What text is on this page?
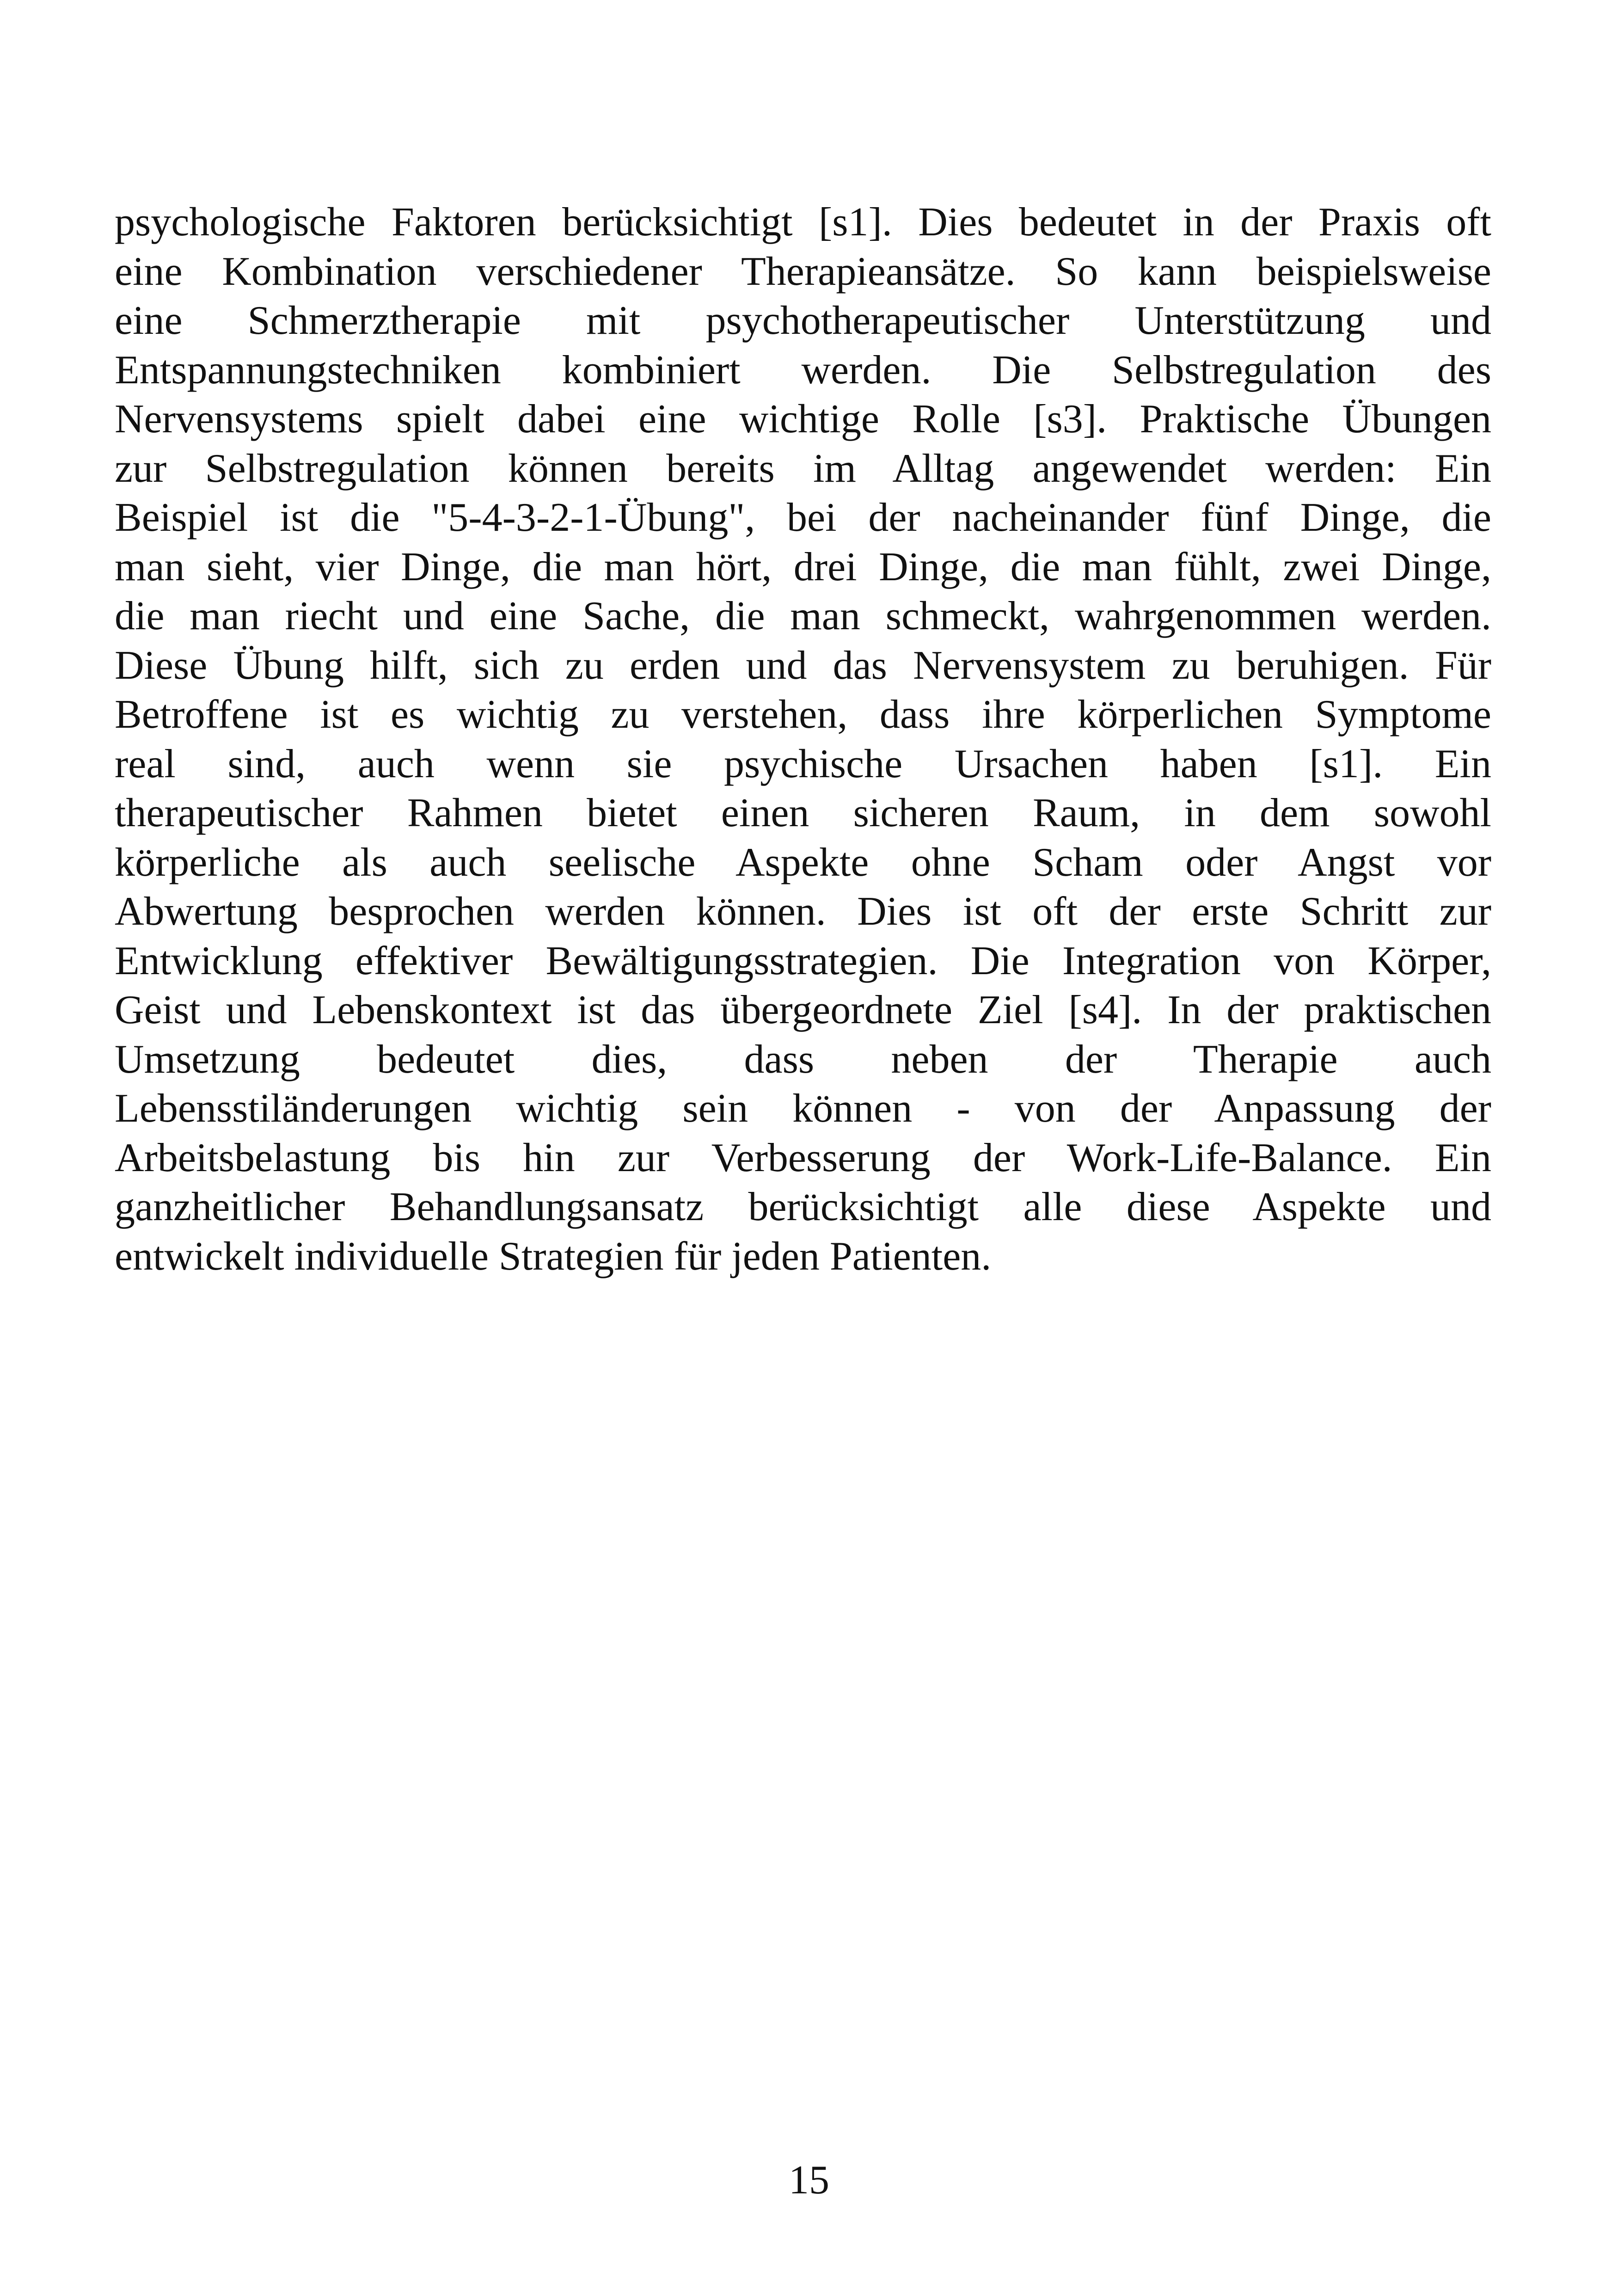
psychologische Faktoren berücksichtigt [s1]. Dies bedeutet in der Praxis oft
eine Kombination verschiedener Therapieansätze. So kann beispielsweise
eine Schmerztherapie mit psychotherapeutischer Unterstützung und
Entspannungstechniken kombiniert werden. Die Selbstregulation des
Nervensystems spielt dabei eine wichtige Rolle [s3]. Praktische Übungen
zur Selbstregulation können bereits im Alltag angewendet werden: Ein
Beispiel ist die "5-4-3-2-1-Übung", bei der nacheinander fünf Dinge, die
man sieht, vier Dinge, die man hört, drei Dinge, die man fühlt, zwei Dinge,
die man riecht und eine Sache, die man schmeckt, wahrgenommen werden.
Diese Übung hilft, sich zu erden und das Nervensystem zu beruhigen. Für
Betroffene ist es wichtig zu verstehen, dass ihre körperlichen Symptome
real sind, auch wenn sie psychische Ursachen haben [s1]. Ein
therapeutischer Rahmen bietet einen sicheren Raum, in dem sowohl
körperliche als auch seelische Aspekte ohne Scham oder Angst vor
Abwertung besprochen werden können. Dies ist oft der erste Schritt zur
Entwicklung effektiver Bewältigungsstrategien. Die Integration von Körper,
Geist und Lebenskontext ist das übergeordnete Ziel [s4]. In der praktischen
Umsetzung bedeutet dies, dass neben der Therapie auch
Lebensstiländerungen wichtig sein können - von der Anpassung der
Arbeitsbelastung bis hin zur Verbesserung der Work-Life-Balance. Ein
ganzheitlicher Behandlungsansatz berücksichtigt alle diese Aspekte und
entwickelt individuelle Strategien für jeden Patienten.

15
